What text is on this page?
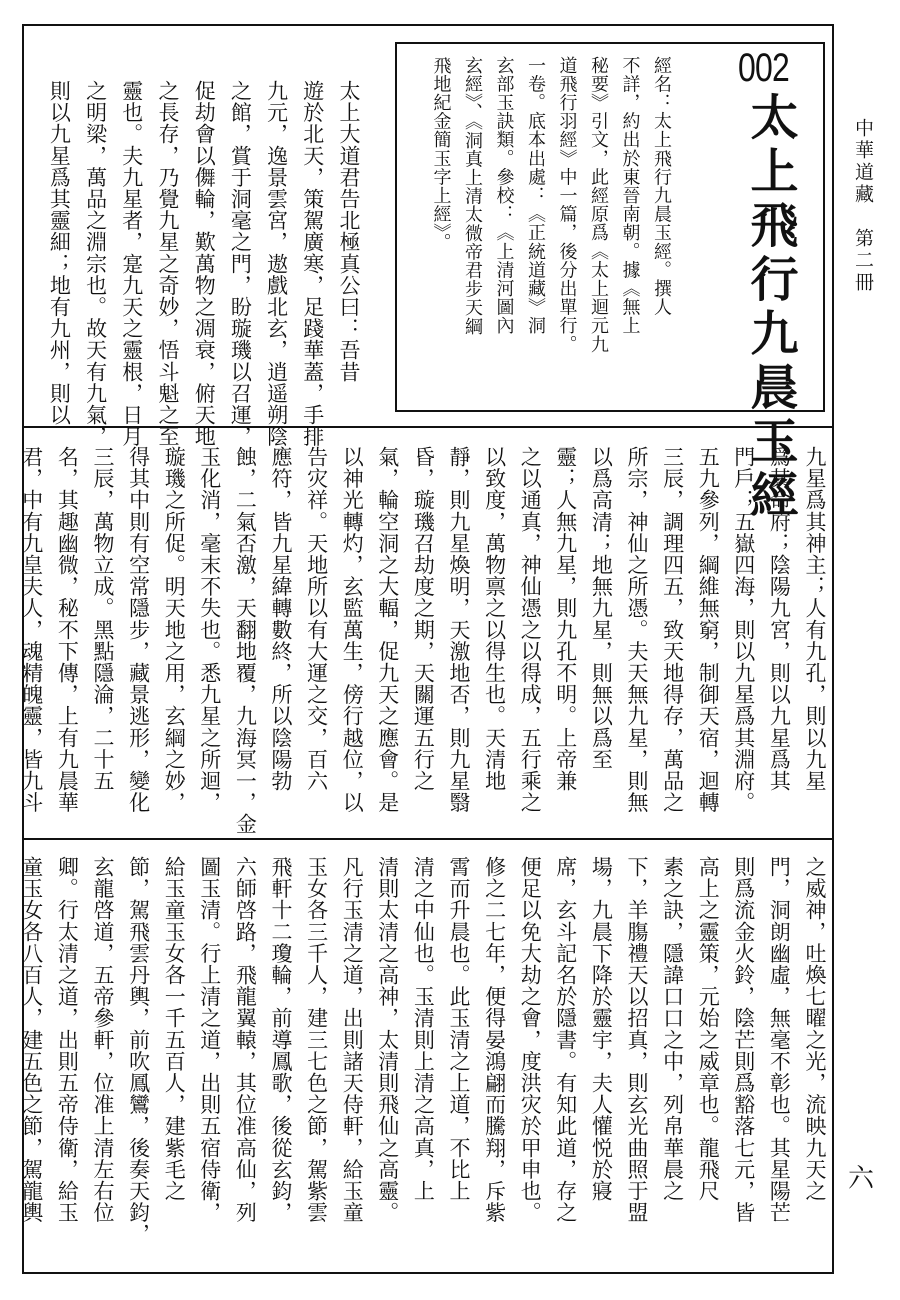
002
太上飛行九晨玉經	中華道藏　第二冊
六
經名：太上飛行九晨玉經。撰人
不詳，約出於東晉南朝。據《無上
秘要》引文，此經原爲《太上迴元九
道飛行羽經》中一篇，後分出單行。
一卷。底本出處：《正統道藏》洞
玄部玉訣類。參校：《上清河圖內
玄經》、《洞真上清太微帝君步天綱
飛地紀金簡玉字上經》。
太上大道君告北極真公曰：吾昔
遊於北天，策駕廣寒，足踐華蓋，手排
九元，逸景雲宮，遨戲北玄，逍遥朔陰
之館，賞于洞毫之門，盼璇璣以召運，
促劫會以儛輪，歎萬物之凋衰，俯天地
之長存，乃覺九星之奇妙，悟斗魁之至
靈也。夫九星者，寔九天之靈根，日月
之明梁，萬品之淵宗也。故天有九氣，
則以九星爲其靈細；地有九州，則以
九星爲其神主；人有九孔，則以九星
爲其命府；陰陽九宮，則以九星爲其
門戶；五嶽四海，則以九星爲其淵府。
五九參列，綱維無窮，制御天宿，迴轉
三辰，調理四五，致天地得存，萬品之
所宗，神仙之所憑。夫天無九星，則無
以爲高清；地無九星，則無以爲至
靈；人無九星，則九孔不明。上帝兼
之以通真，神仙憑之以得成，五行乘之
以致度，萬物禀之以得生也。天清地
靜，則九星煥明，天激地否，則九星翳
昏，璇璣召劫度之期，天關運五行之
氣，輪空洞之大輻，促九天之應會。是
以神光轉灼，玄監萬生，傍行越位，以
告灾祥。天地所以有大運之交，百六
應符，皆九星緯轉數終，所以陰陽勃
蝕，二氣否激，天翻地覆，九海冥一，金
玉化消，毫末不失也。悉九星之所迴，
璇璣之所促。明天地之用，玄綱之妙，
得其中則有空常隱步，藏景逃形，變化
三辰，萬物立成。黑點隱淪，二十五
名，其趣幽微，秘不下傳，上有九晨華
君，中有九皇夫人，魂精魄靈，皆九斗
之威神，吐煥七曜之光，流映九天之
門，洞朗幽虛，無毫不彰也。其星陽芒
則爲流金火鈴，陰芒則爲豁落七元，皆
高上之靈策，元始之威章也。龍飛尺
素之訣，隱諱口口之中，列帛華晨之
下，羊膓禮天以招真，則玄光曲照于盟
場，九晨下降於靈宇，夫人懽悦於寢
席，玄斗記名於隱書。有知此道，存之
便足以免大劫之會，度洪灾於甲申也。
修之二七年，便得晏鴻翩而騰翔，斥紫
霄而升晨也。此玉清之上道，不比上
清之中仙也。玉清則上清之高真，上
清則太清之高神，太清則飛仙之高靈。
凡行玉清之道，出則諸天侍軒，給玉童
玉女各三千人，建三七色之節，駕紫雲
飛軒十二瓊輪，前導鳳歌，後從玄鈞，
六師啓路，飛龍翼轅，其位准高仙，列
圖玉清。行上清之道，出則五宿侍衛，
給玉童玉女各一千五百人，建紫毛之
節，駕飛雲丹輿，前吹鳳鸞，後奏天鈞，
玄龍啓道，五帝參軒，位准上清左右位
卿。行太清之道，出則五帝侍衛，給玉
童玉女各八百人，建五色之節，駕龍輿
